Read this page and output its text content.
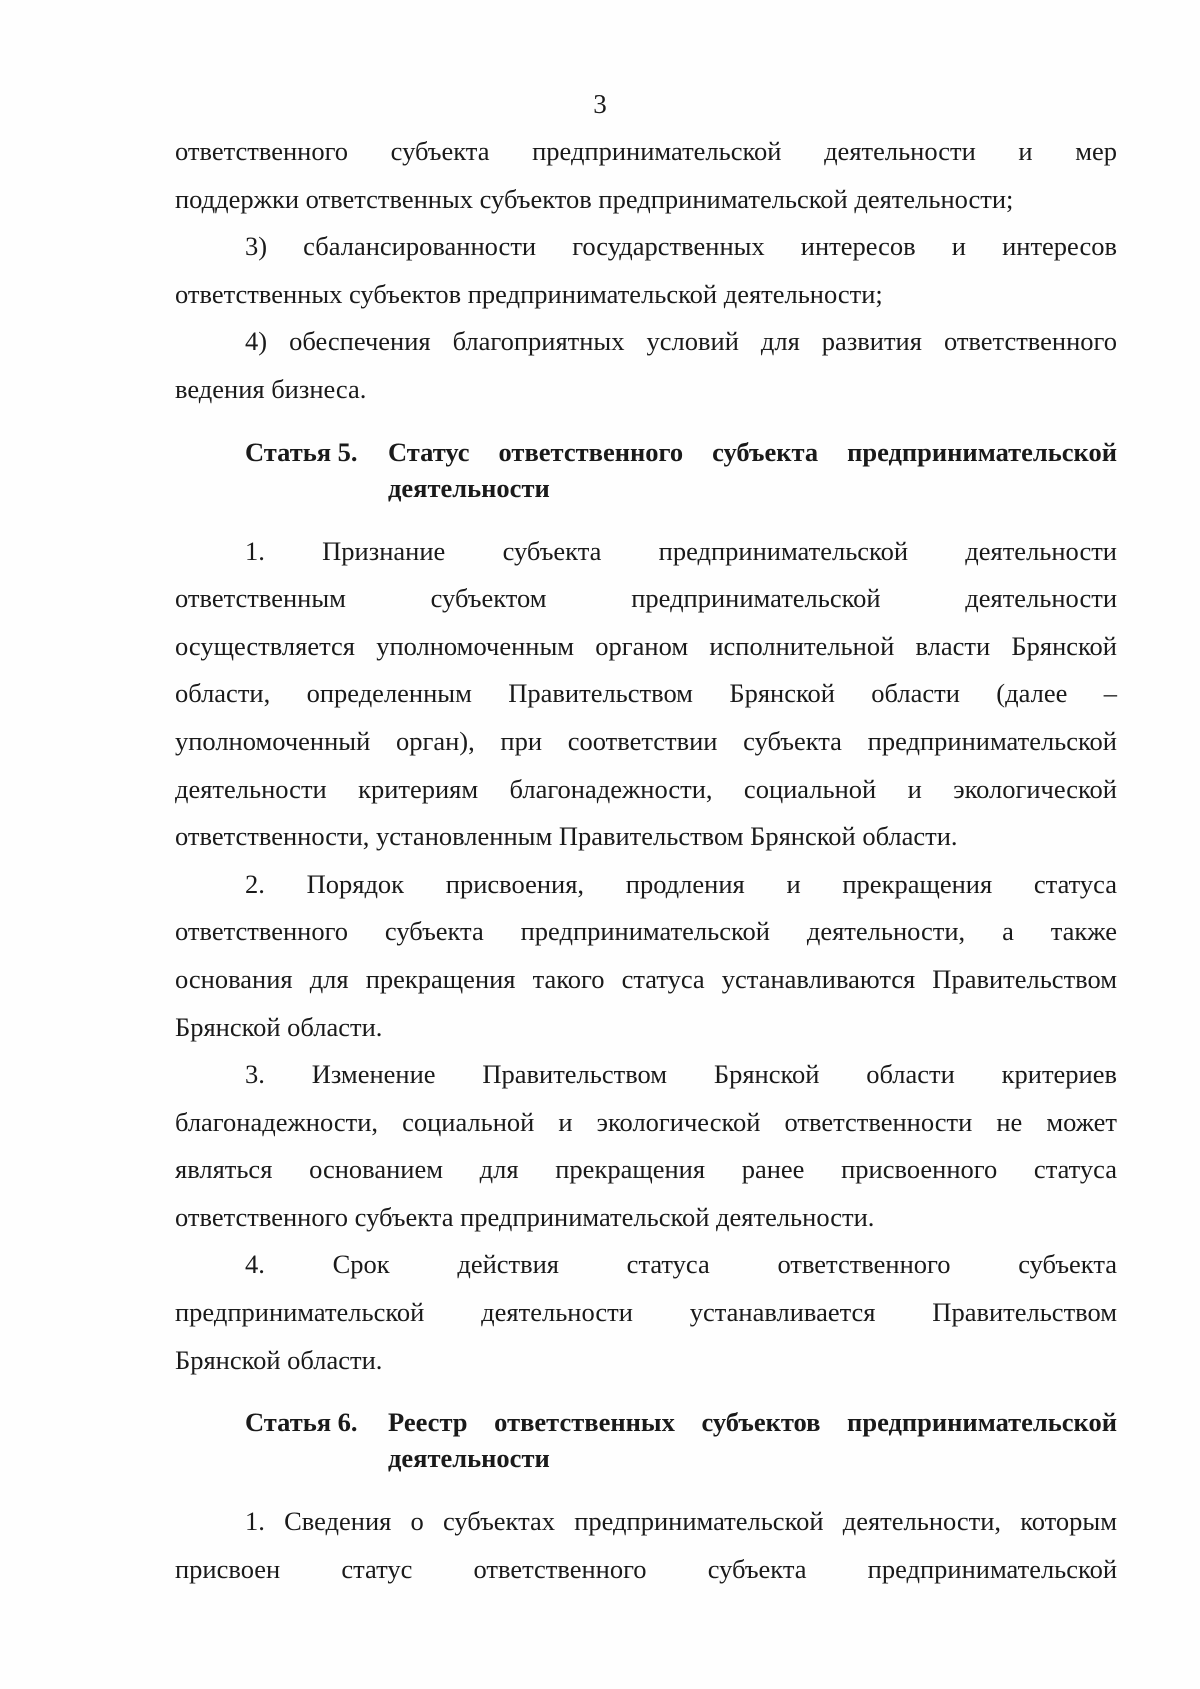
3

ответственного субъекта предпринимательской деятельности и мер

поддержки ответственных субъектов предпринимательской деятельности;

3) сбалансированности государственных интересов и интересов

ответственных субъектов предпринимательской деятельности;

4) обеспечения благоприятных условий для развития ответственного

ведения бизнеса.

Статья 5.	Статус ответственного субъекта предпринимательской
деятельности

1. Признание субъекта предпринимательской деятельности

ответственным субъектом предпринимательской деятельности

осуществляется уполномоченным органом исполнительной власти Брянской

области, определенным Правительством Брянской области (далее –

уполномоченный орган), при соответствии субъекта предпринимательской

деятельности критериям благонадежности, социальной и экологической

ответственности, установленным Правительством Брянской области.

2. Порядок присвоения, продления и прекращения статуса

ответственного субъекта предпринимательской деятельности, а также

основания для прекращения такого статуса устанавливаются Правительством

Брянской области.

3. Изменение Правительством Брянской области критериев

благонадежности, социальной и экологической ответственности не может

являться основанием для прекращения ранее присвоенного статуса

ответственного субъекта предпринимательской деятельности.

4. Срок действия статуса ответственного субъекта

предпринимательской деятельности устанавливается Правительством

Брянской области.

Статья 6.	Реестр ответственных субъектов предпринимательской
деятельности

1. Сведения о субъектах предпринимательской деятельности, которым

присвоен статус ответственного субъекта предпринимательской
